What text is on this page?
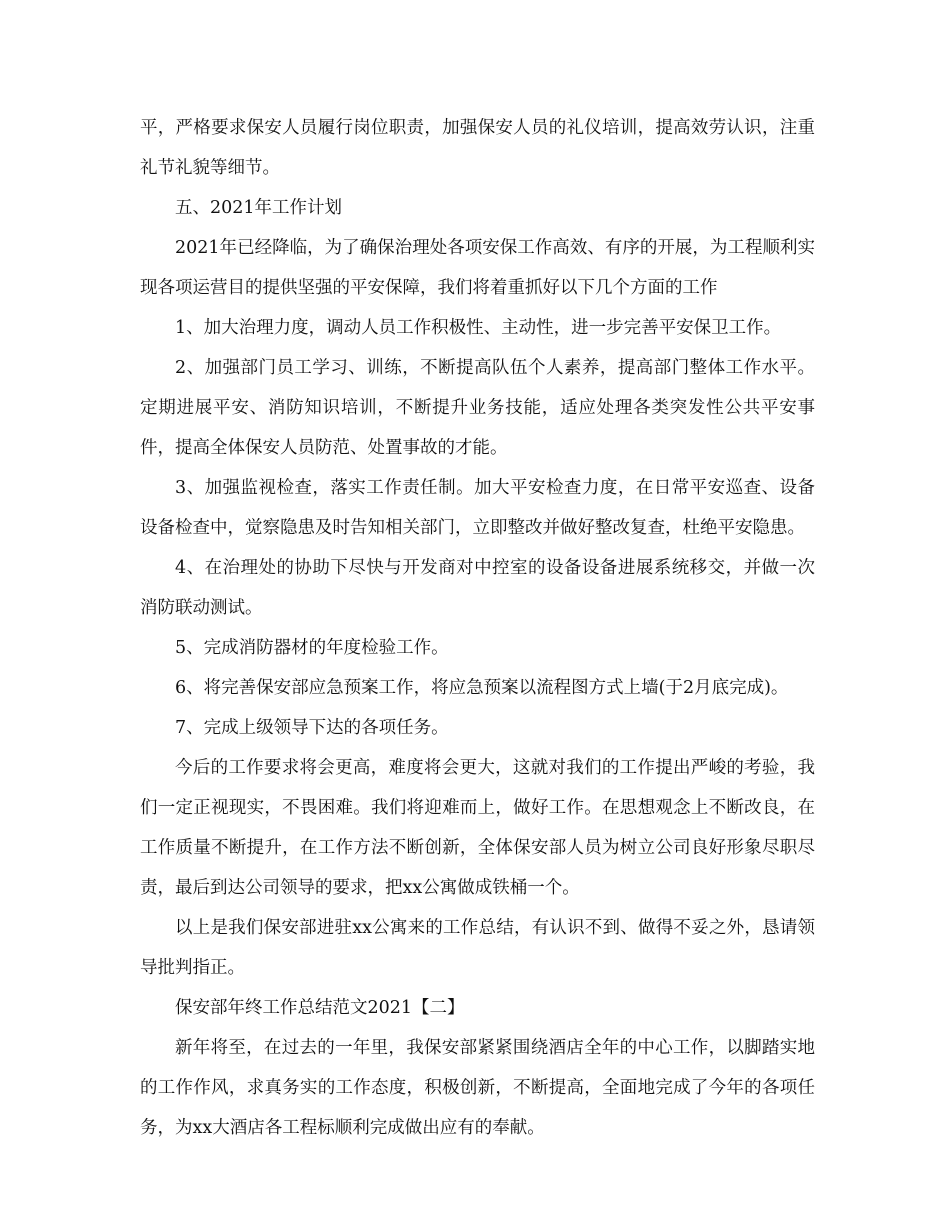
平，严格要求保安人员履行岗位职责，加强保安人员的礼仪培训，提高效劳认识，注重礼节礼貌等细节。

五、2021年工作计划

2021年已经降临，为了确保治理处各项安保工作高效、有序的开展，为工程顺利实现各项运营目的提供坚强的平安保障，我们将着重抓好以下几个方面的工作

1、加大治理力度，调动人员工作积极性、主动性，进一步完善平安保卫工作。

2、加强部门员工学习、训练，不断提高队伍个人素养，提高部门整体工作水平。定期进展平安、消防知识培训，不断提升业务技能，适应处理各类突发性公共平安事件，提高全体保安人员防范、处置事故的才能。

3、加强监视检查，落实工作责任制。加大平安检查力度，在日常平安巡查、设备设备检查中，觉察隐患及时告知相关部门，立即整改并做好整改复查，杜绝平安隐患。

4、在治理处的协助下尽快与开发商对中控室的设备设备进展系统移交，并做一次消防联动测试。

5、完成消防器材的年度检验工作。

6、将完善保安部应急预案工作，将应急预案以流程图方式上墙(于2月底完成)。

7、完成上级领导下达的各项任务。

今后的工作要求将会更高，难度将会更大，这就对我们的工作提出严峻的考验，我们一定正视现实，不畏困难。我们将迎难而上，做好工作。在思想观念上不断改良，在工作质量不断提升，在工作方法不断创新，全体保安部人员为树立公司良好形象尽职尽责，最后到达公司领导的要求，把xx公寓做成铁桶一个。

以上是我们保安部进驻xx公寓来的工作总结，有认识不到、做得不妥之外，恳请领导批判指正。

保安部年终工作总结范文2021【二】

新年将至，在过去的一年里，我保安部紧紧围绕酒店全年的中心工作，以脚踏实地的工作作风，求真务实的工作态度，积极创新，不断提高，全面地完成了今年的各项任务，为xx大酒店各工程标顺利完成做出应有的奉献。
